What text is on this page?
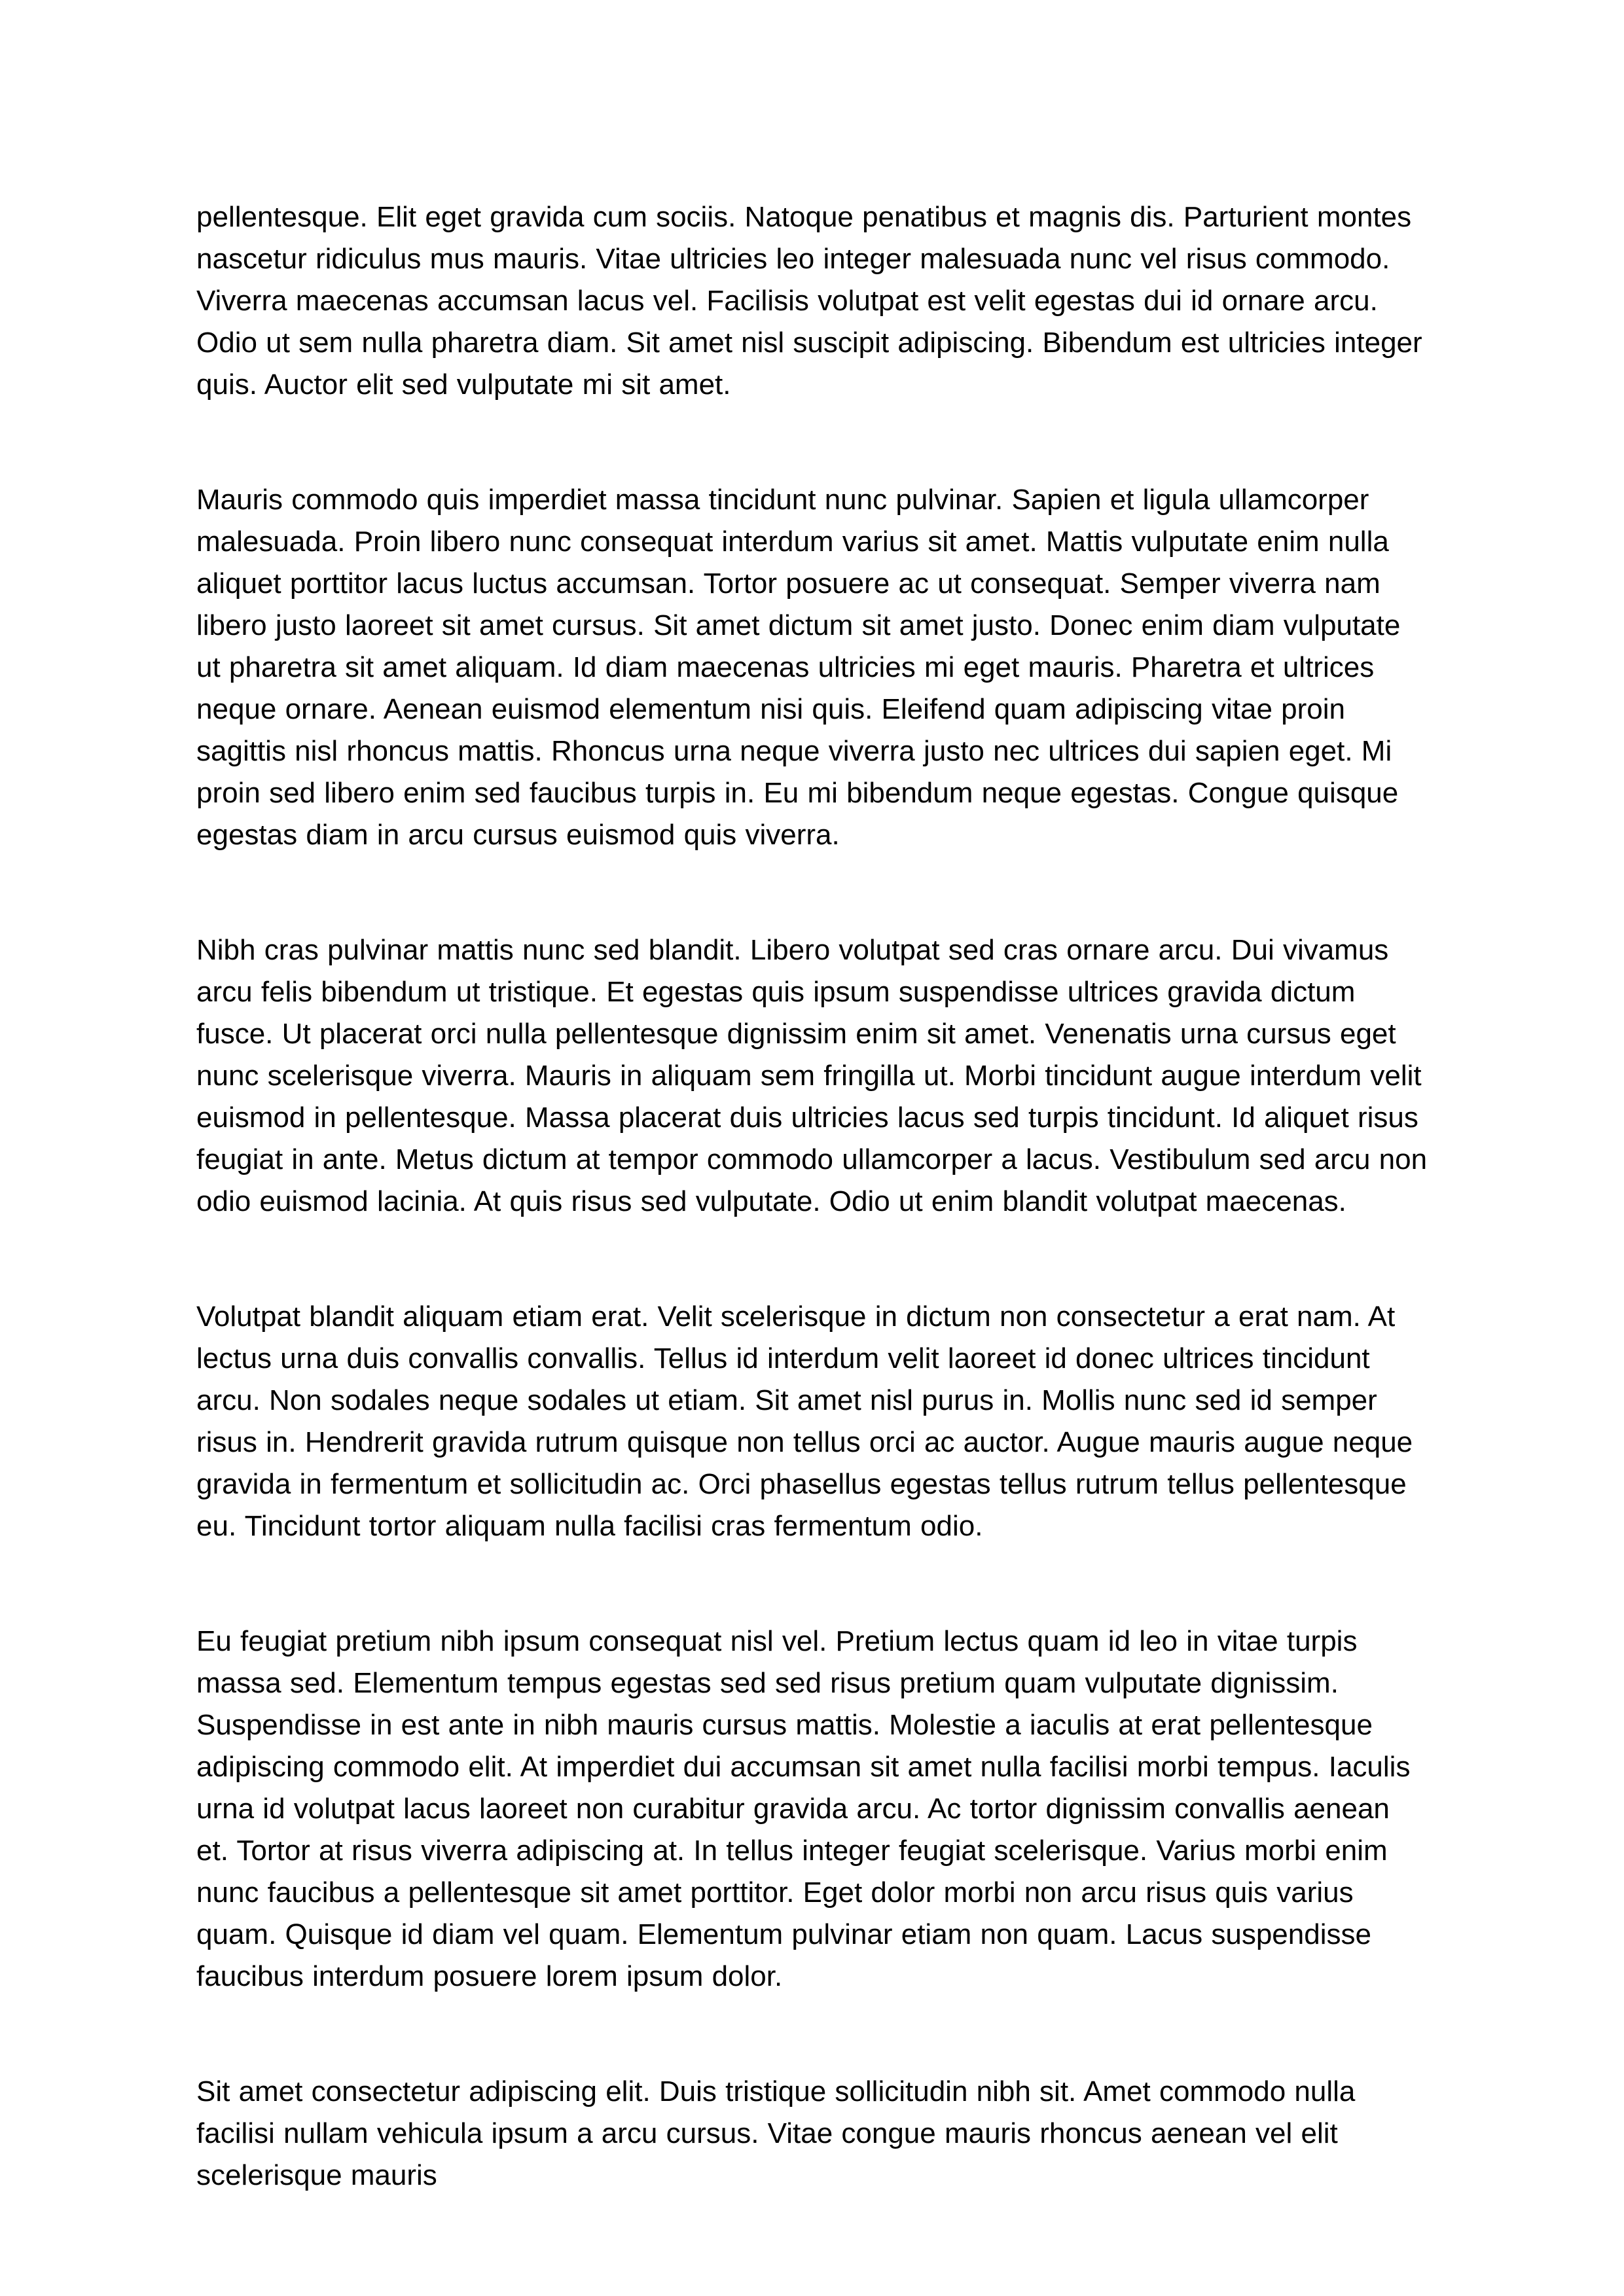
pellentesque. Elit eget gravida cum sociis. Natoque penatibus et magnis dis. Parturient montes nascetur ridiculus mus mauris. Vitae ultricies leo integer malesuada nunc vel risus commodo. Viverra maecenas accumsan lacus vel. Facilisis volutpat est velit egestas dui id ornare arcu. Odio ut sem nulla pharetra diam. Sit amet nisl suscipit adipiscing. Bibendum est ultricies integer quis. Auctor elit sed vulputate mi sit amet.

Mauris commodo quis imperdiet massa tincidunt nunc pulvinar. Sapien et ligula ullamcorper malesuada. Proin libero nunc consequat interdum varius sit amet. Mattis vulputate enim nulla aliquet porttitor lacus luctus accumsan. Tortor posuere ac ut consequat. Semper viverra nam libero justo laoreet sit amet cursus. Sit amet dictum sit amet justo. Donec enim diam vulputate ut pharetra sit amet aliquam. Id diam maecenas ultricies mi eget mauris. Pharetra et ultrices neque ornare. Aenean euismod elementum nisi quis. Eleifend quam adipiscing vitae proin sagittis nisl rhoncus mattis. Rhoncus urna neque viverra justo nec ultrices dui sapien eget. Mi proin sed libero enim sed faucibus turpis in. Eu mi bibendum neque egestas. Congue quisque egestas diam in arcu cursus euismod quis viverra.

Nibh cras pulvinar mattis nunc sed blandit. Libero volutpat sed cras ornare arcu. Dui vivamus arcu felis bibendum ut tristique. Et egestas quis ipsum suspendisse ultrices gravida dictum fusce. Ut placerat orci nulla pellentesque dignissim enim sit amet. Venenatis urna cursus eget nunc scelerisque viverra. Mauris in aliquam sem fringilla ut. Morbi tincidunt augue interdum velit euismod in pellentesque. Massa placerat duis ultricies lacus sed turpis tincidunt. Id aliquet risus feugiat in ante. Metus dictum at tempor commodo ullamcorper a lacus. Vestibulum sed arcu non odio euismod lacinia. At quis risus sed vulputate. Odio ut enim blandit volutpat maecenas.

Volutpat blandit aliquam etiam erat. Velit scelerisque in dictum non consectetur a erat nam. At lectus urna duis convallis convallis. Tellus id interdum velit laoreet id donec ultrices tincidunt arcu. Non sodales neque sodales ut etiam. Sit amet nisl purus in. Mollis nunc sed id semper risus in. Hendrerit gravida rutrum quisque non tellus orci ac auctor. Augue mauris augue neque gravida in fermentum et sollicitudin ac. Orci phasellus egestas tellus rutrum tellus pellentesque eu. Tincidunt tortor aliquam nulla facilisi cras fermentum odio.

Eu feugiat pretium nibh ipsum consequat nisl vel. Pretium lectus quam id leo in vitae turpis massa sed. Elementum tempus egestas sed sed risus pretium quam vulputate dignissim. Suspendisse in est ante in nibh mauris cursus mattis. Molestie a iaculis at erat pellentesque adipiscing commodo elit. At imperdiet dui accumsan sit amet nulla facilisi morbi tempus. Iaculis urna id volutpat lacus laoreet non curabitur gravida arcu. Ac tortor dignissim convallis aenean et. Tortor at risus viverra adipiscing at. In tellus integer feugiat scelerisque. Varius morbi enim nunc faucibus a pellentesque sit amet porttitor. Eget dolor morbi non arcu risus quis varius quam. Quisque id diam vel quam. Elementum pulvinar etiam non quam. Lacus suspendisse faucibus interdum posuere lorem ipsum dolor.

Sit amet consectetur adipiscing elit. Duis tristique sollicitudin nibh sit. Amet commodo nulla facilisi nullam vehicula ipsum a arcu cursus. Vitae congue mauris rhoncus aenean vel elit scelerisque mauris
